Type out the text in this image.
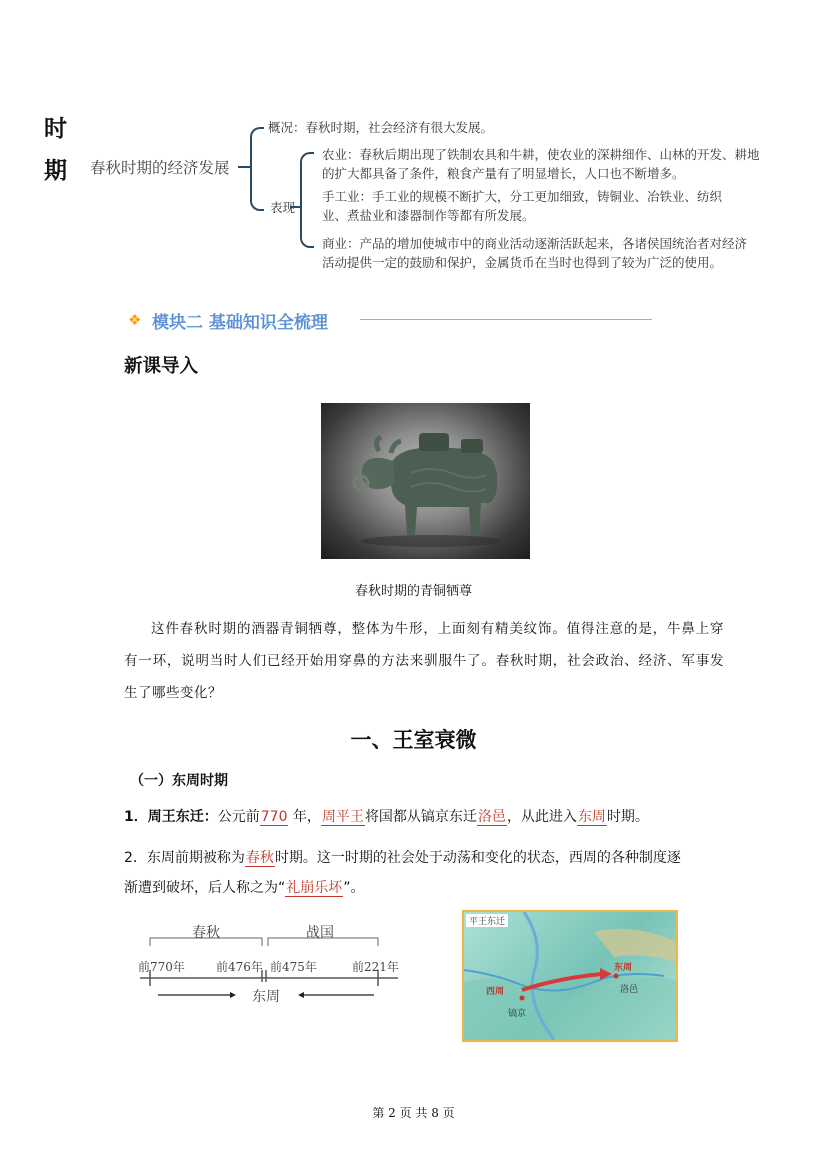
时
期 春秋时期的经济发展
概况：春秋时期，社会经济有很大发展。
表现
农业：春秋后期出现了铁制农具和牛耕，使农业的深耕细作、山林的开发、耕地
的扩大都具备了条件，粮食产量有了明显增长，人口也不断增多。
手工业：手工业的规模不断扩大，分工更加细致，铸铜业、冶铁业、纺织
业、煮盐业和漆器制作等都有所发展。
商业：产品的增加使城市中的商业活动逐渐活跃起来，各诸侯国统治者对经济
活动提供一定的鼓励和保护，金属货币在当时也得到了较为广泛的使用。
❖ 模块二 基础知识全梳理
新课导入
春秋时期的青铜牺尊

这件春秋时期的酒器青铜牺尊，整体为牛形，上面刻有精美纹饰。值得注意的是，牛鼻上穿有一环，说明当时人们已经开始用穿鼻的方法来驯服牛了。春秋时期，社会政治、经济、军事发生了哪些变化？

一、王室衰微
（一）东周时期
1．周王东迁：公元前770 年，周平王将国都从镐京东迁洛邑，从此进入东周时期。
2．东周前期被称为春秋时期。这一时期的社会处于动荡和变化的状态，西周的各种制度逐
渐遭到破坏，后人称之为“礼崩乐坏”。
春秋	战国
前770年	前476年 前475年	前221年
东周
平王东迁
西周
东周
镐京
洛邑
第 2 页 共 8 页
